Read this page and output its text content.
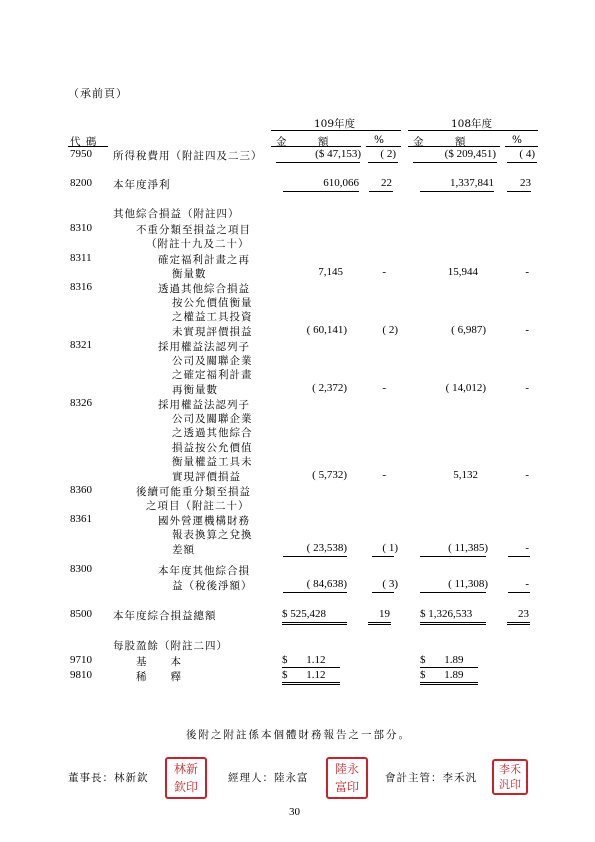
（承前頁）
109年度	108年度
代 碼	金　　　額	%	金　　　額	%
7950 所得稅費用（附註四及二三）	($ 47,153)	( 2)	($ 209,451)	( 4)
8200 本年度淨利	610,066	22	1,337,841	23
其他綜合損益（附註四）
8310	不重分類至損益之項目
（附註十九及二十）
8311	確定福利計畫之再
衡量數	7,145	-	15,944	-
8316	透過其他綜合損益
按公允價值衡量
之權益工具投資
未實現評價損益	( 60,141)	( 2)	( 6,987)	-
8321	採用權益法認列子
公司及關聯企業
之確定福利計畫
再衡量數	( 2,372)	-	( 14,012)	-
8326	採用權益法認列子
公司及關聯企業
之透過其他綜合
損益按公允價值
衡量權益工具未
實現評價損益	( 5,732)	-	5,132	-
8360	後續可能重分類至損益
之項目（附註二十）
8361	國外營運機構財務
報表換算之兌換
差額	( 23,538)	( 1)	( 11,385)	-
8300	本年度其他綜合損
益（稅後淨額）	( 84,638)	( 3)	( 11,308)	-
8500 本年度綜合損益總額	$ 525,428	19	$ 1,326,533	23
每股盈餘（附註二四）
9710	基　　本	$ 1.12	$ 1.89
9810	稀　　釋	$ 1.12	$ 1.89
後附之附註係本個體財務報告之一部分。
董事長：林新欽
林 新
欽 印
經理人：陸永富
陸 永
富 印
會計主管：李禾汎
李 禾
汎 印
30
